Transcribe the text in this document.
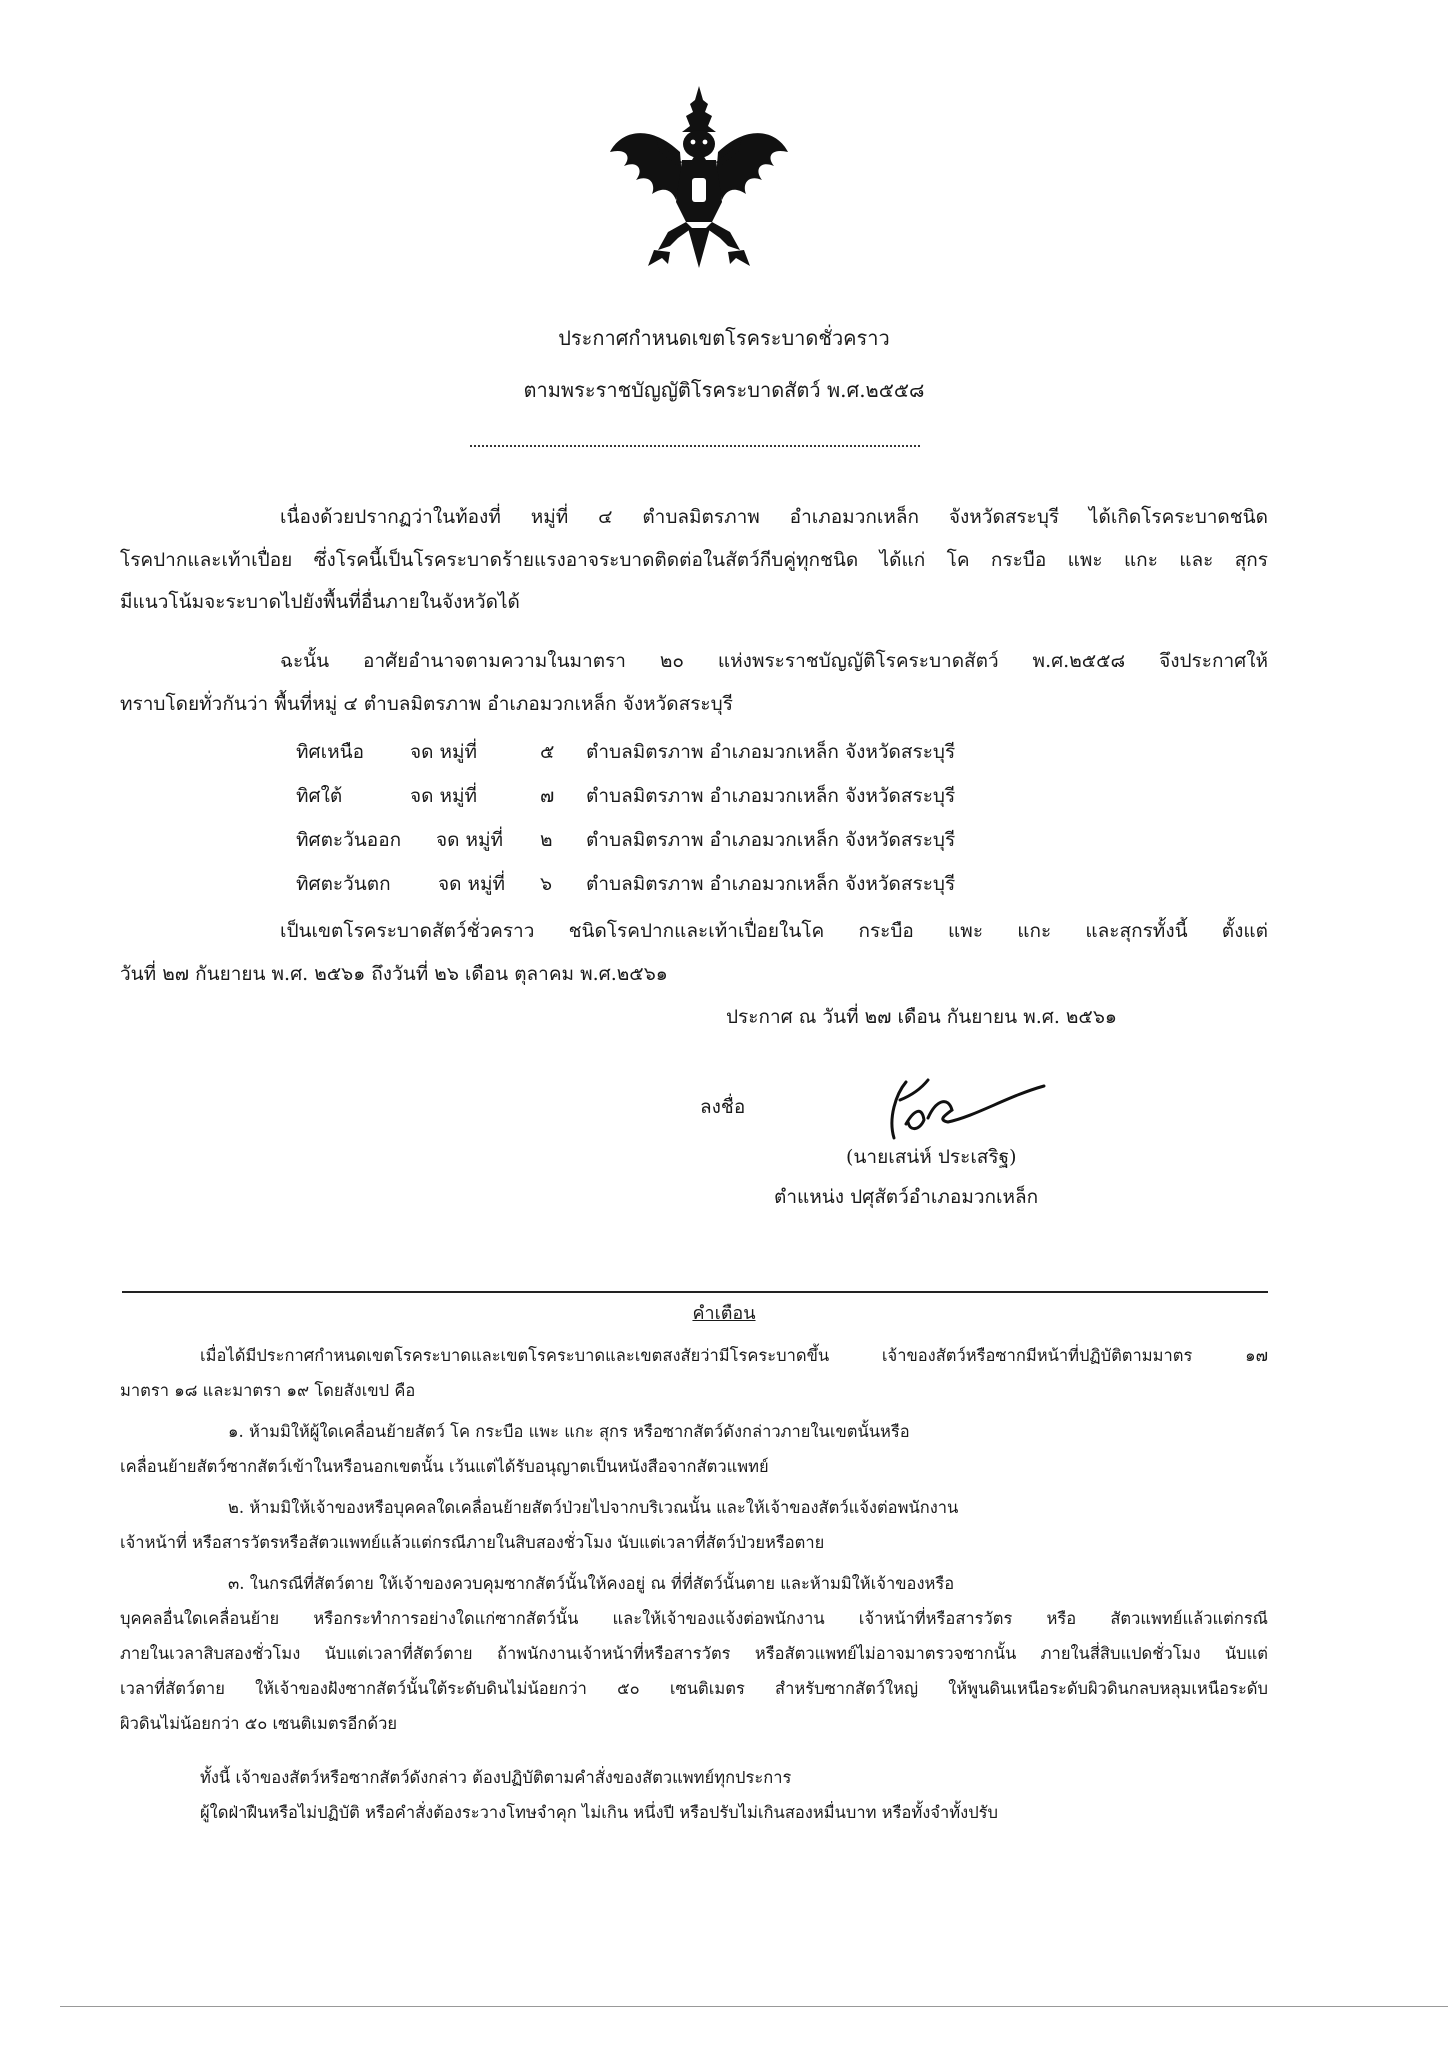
ประกาศกำหนดเขตโรคระบาดชั่วคราว
ตามพระราชบัญญัติโรคระบาดสัตว์ พ.ศ.๒๕๕๘
เนื่องด้วยปรากฏว่าในท้องที่ หมู่ที่ ๔ ตำบลมิตรภาพ อำเภอมวกเหล็ก จังหวัดสระบุรี ได้เกิดโรคระบาดชนิด
โรคปากและเท้าเปื่อย ซึ่งโรคนี้เป็นโรคระบาดร้ายแรงอาจระบาดติดต่อในสัตว์กีบคู่ทุกชนิด ได้แก่ โค กระบือ แพะ แกะ และ สุกร
มีแนวโน้มจะระบาดไปยังพื้นที่อื่นภายในจังหวัดได้
ฉะนั้น อาศัยอำนาจตามความในมาตรา ๒๐ แห่งพระราชบัญญัติโรคระบาดสัตว์ พ.ศ.๒๕๕๘ จึงประกาศให้
ทราบโดยทั่วกันว่า พื้นที่หมู่ ๔ ตำบลมิตรภาพ อำเภอมวกเหล็ก จังหวัดสระบุรี
ทิศเหนือ จด หมู่ที่	๕ ตำบลมิตรภาพ อำเภอมวกเหล็ก จังหวัดสระบุรี
ทิศใต้	จด หมู่ที่	๗ ตำบลมิตรภาพ อำเภอมวกเหล็ก จังหวัดสระบุรี
ทิศตะวันออก จด หมู่ที่ ๒ ตำบลมิตรภาพ อำเภอมวกเหล็ก จังหวัดสระบุรี
ทิศตะวันตก จด หมู่ที่ ๖ ตำบลมิตรภาพ อำเภอมวกเหล็ก จังหวัดสระบุรี
เป็นเขตโรคระบาดสัตว์ชั่วคราว ชนิดโรคปากและเท้าเปื่อยในโค กระบือ แพะ แกะ และสุกรทั้งนี้ ตั้งแต่
วันที่ ๒๗ กันยายน พ.ศ. ๒๕๖๑ ถึงวันที่ ๒๖ เดือน ตุลาคม พ.ศ.๒๕๖๑
ประกาศ ณ วันที่ ๒๗ เดือน กันยายน พ.ศ. ๒๕๖๑
ลงชื่อ
(นายเสน่ห์ ประเสริฐ)
ตำแหน่ง ปศุสัตว์อำเภอมวกเหล็ก
คำเตือน
เมื่อได้มีประกาศกำหนดเขตโรคระบาดและเขตโรคระบาดและเขตสงสัยว่ามีโรคระบาดขึ้น เจ้าของสัตว์หรือซากมีหน้าที่ปฏิบัติตามมาตร ๑๗
มาตรา ๑๘ และมาตรา ๑๙ โดยสังเขป คือ
๑. ห้ามมิให้ผู้ใดเคลื่อนย้ายสัตว์ โค กระบือ แพะ แกะ สุกร หรือซากสัตว์ดังกล่าวภายในเขตนั้นหรือ
เคลื่อนย้ายสัตว์ซากสัตว์เข้าในหรือนอกเขตนั้น เว้นแต่ได้รับอนุญาตเป็นหนังสือจากสัตวแพทย์
๒. ห้ามมิให้เจ้าของหรือบุคคลใดเคลื่อนย้ายสัตว์ป่วยไปจากบริเวณนั้น และให้เจ้าของสัตว์แจ้งต่อพนักงาน
เจ้าหน้าที่ หรือสารวัตรหรือสัตวแพทย์แล้วแต่กรณีภายในสิบสองชั่วโมง นับแต่เวลาที่สัตว์ป่วยหรือตาย
๓. ในกรณีที่สัตว์ตาย ให้เจ้าของควบคุมซากสัตว์นั้นให้คงอยู่ ณ ที่ที่สัตว์นั้นตาย และห้ามมิให้เจ้าของหรือ
บุคคลอื่นใดเคลื่อนย้าย หรือกระทำการอย่างใดแก่ซากสัตว์นั้น และให้เจ้าของแจ้งต่อพนักงาน เจ้าหน้าที่หรือสารวัตร หรือ สัตวแพทย์แล้วแต่กรณี
ภายในเวลาสิบสองชั่วโมง นับแต่เวลาที่สัตว์ตาย ถ้าพนักงานเจ้าหน้าที่หรือสารวัตร หรือสัตวแพทย์ไม่อาจมาตรวจซากนั้น ภายในสี่สิบแปดชั่วโมง นับแต่
เวลาที่สัตว์ตาย ให้เจ้าของฝังซากสัตว์นั้นใต้ระดับดินไม่น้อยกว่า ๕๐ เซนติเมตร สำหรับซากสัตว์ใหญ่ ให้พูนดินเหนือระดับผิวดินกลบหลุมเหนือระดับ
ผิวดินไม่น้อยกว่า ๕๐ เซนติเมตรอีกด้วย
ทั้งนี้ เจ้าของสัตว์หรือซากสัตว์ดังกล่าว ต้องปฏิบัติตามคำสั่งของสัตวแพทย์ทุกประการ
ผู้ใดฝ่าฝืนหรือไม่ปฏิบัติ หรือคำสั่งต้องระวางโทษจำคุก ไม่เกิน หนึ่งปี หรือปรับไม่เกินสองหมื่นบาท หรือทั้งจำทั้งปรับ
